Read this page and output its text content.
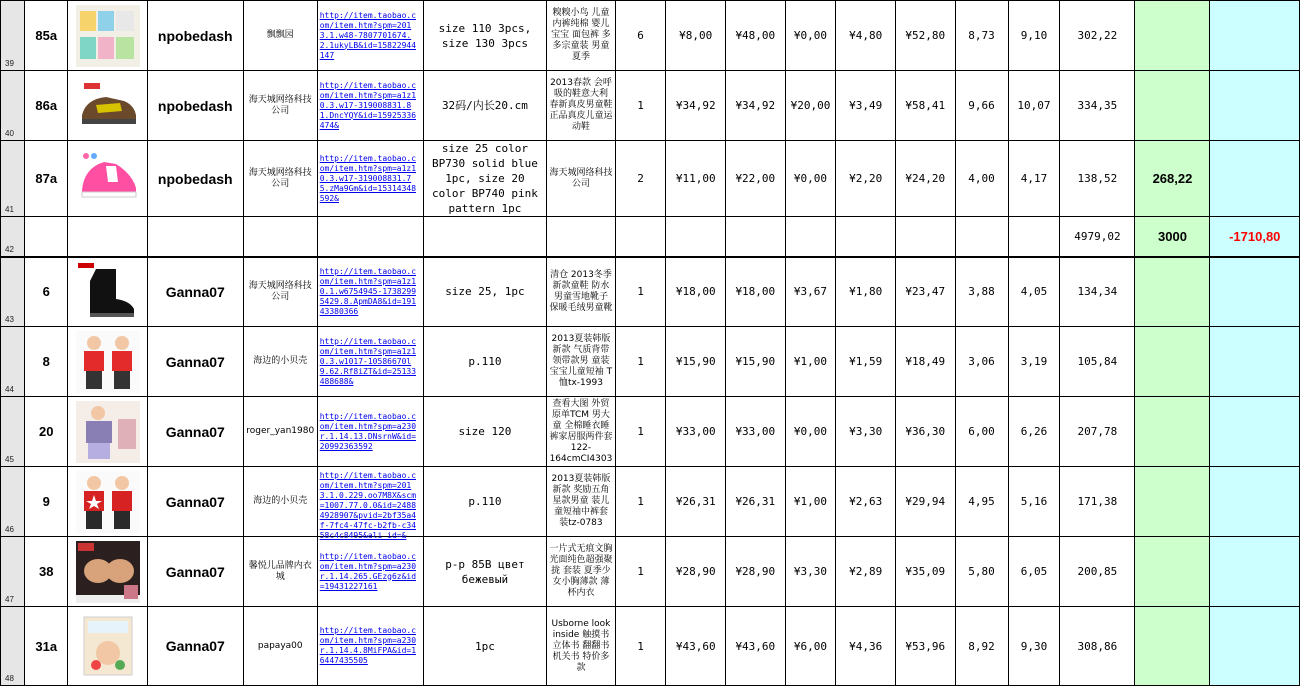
39	85a		npobedash	飘飘园	http://item.taobao.com/item.htm?spm=2013.1.w48-7807701674.2.1ukyLB&id=15822944147	size 110 3pcs, size 130 3pcs	糗糗小鸟 儿童内裤纯棉 婴儿宝宝 面包裤 多多宗童装 男童 夏季	6	¥8,00	¥48,00	¥0,00	¥4,80	¥52,80	8,73	9,10	302,22		
40	86a		npobedash	海天城网络科技公司	http://item.taobao.com/item.htm?spm=a1z10.3.w17-319008831.81.DncYQY&id=15925336474&	32码/内长20.cm	2013春款 会呼吸的鞋意大利 春新真皮男童鞋 正品真皮儿童运动鞋	1	¥34,92	¥34,92	¥20,00	¥3,49	¥58,41	9,66	10,07	334,35		
41	87a		npobedash	海天城网络科技公司	http://item.taobao.com/item.htm?spm=a1z10.3.w17-319008831.75.zMa9Gm&id=15314348592&	size 25 color BP730 solid blue 1pc, size 20 color BP740 pink pattern 1pc	海天城网络科技公司	2	¥11,00	¥22,00	¥0,00	¥2,20	¥24,20	4,00	4,17	138,52	268,22	
42																4979,02	3000	-1710,80
43	6		Ganna07	海天城网络科技公司	http://item.taobao.com/item.htm?spm=a1z10.1.w6754945-17382995429.8.ApmDA8&id=19143380366	size 25, 1pc	清仓 2013冬季新款童鞋 防水男童雪地靴子 保暖毛绒男童靴	1	¥18,00	¥18,00	¥3,67	¥1,80	¥23,47	3,88	4,05	134,34		
44	8		Ganna07	海边的小贝壳	http://item.taobao.com/item.htm?spm=a1z10.3.w1017-10586670l9.62.Rf8iZT&id=25133488688&	p.110	2013夏装韩版新款 气质背带领带款男 童装宝宝儿童短袖 T恤tx-1993	1	¥15,90	¥15,90	¥1,00	¥1,59	¥18,49	3,06	3,19	105,84		
45	20		Ganna07	roger_yan1980	http://item.taobao.com/item.htm?spm=a230r.1.14.13.DNsrnW&id=20992363592	size 120	查看大图 外贸原单TCM 男大童 全棉睡衣睡裤家居服两件套122-164cmCI4303	1	¥33,00	¥33,00	¥0,00	¥3,30	¥36,30	6,00	6,26	207,78		
46	9		Ganna07	海边的小贝壳	http://item.taobao.com/item.htm?spm=2013.1.0.229.oo7M8X&scm=1007.77.0.0&id=24884928907&pvid=2bf35a4f-7fc4-47fc-b2fb-c3458c4c8495&ali_id=&	p.110	2013夏装韩版新款 奖励五角星款男童 装儿童短袖中裤套 装tz-0783	1	¥26,31	¥26,31	¥1,00	¥2,63	¥29,94	4,95	5,16	171,38		
47	38		Ganna07	馨悦儿品牌内衣城	http://item.taobao.com/item.htm?spm=a230r.1.14.265.GEzg6z&id=19431227161	р-р 85В цвет бежевый	一片式无痕文胸 光面纯色超强聚拢 套装 夏季少女小胸薄款 薄杯内衣	1	¥28,90	¥28,90	¥3,30	¥2,89	¥35,09	5,80	6,05	200,85		
48	31a		Ganna07	papaya00	http://item.taobao.com/item.htm?spm=a230r.1.14.4.8MiFPA&id=16447435505	1pc	Usborne look inside 触摸书 立体书 翻翻书 机关书 特价多款	1	¥43,60	¥43,60	¥6,00	¥4,36	¥53,96	8,92	9,30	308,86		
